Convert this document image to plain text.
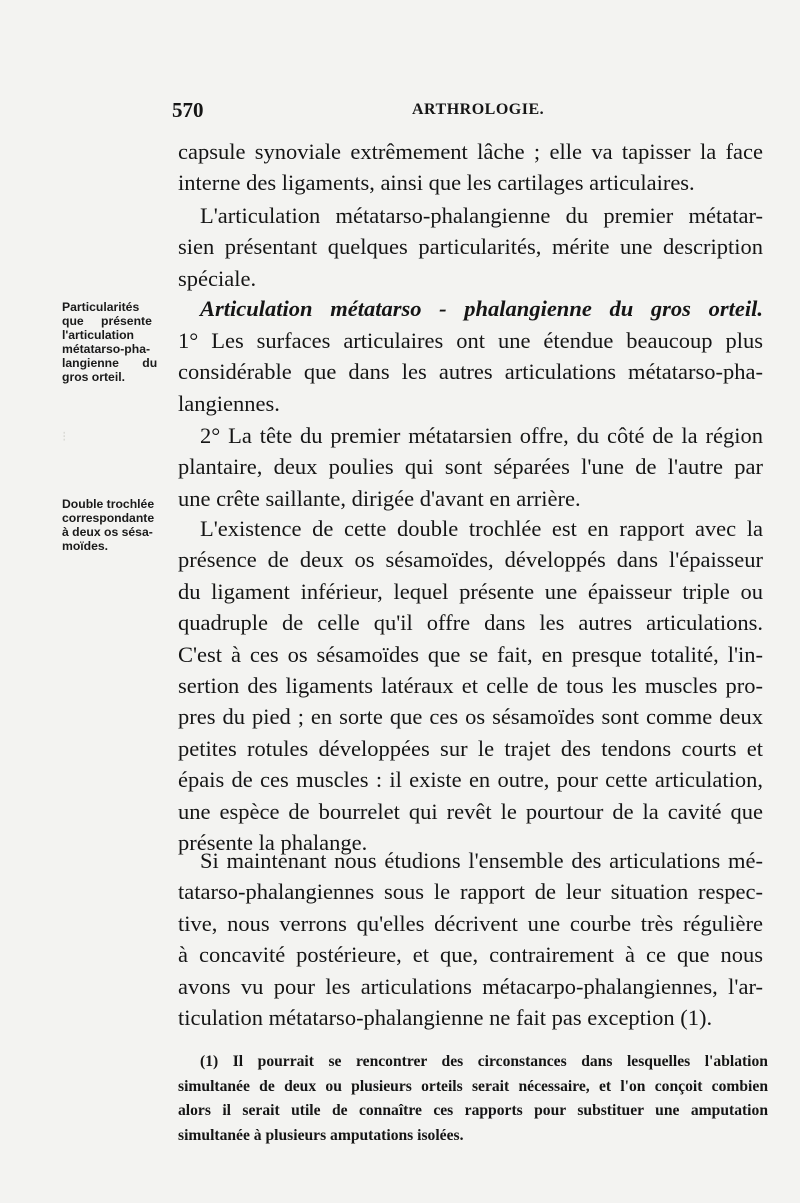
570	ARTHROLOGIE.
⁝
Particularités
que présente
l'articulation
métatarso-pha-
langienne du
gros orteil.
Double trochlée
correspondante
à deux os sésa-
moïdes.
capsule synoviale extrêmement lâche ; elle va tapisser la face
interne des ligaments, ainsi que les cartilages articulaires.
L'articulation métatarso-phalangienne du premier métatar-
sien présentant quelques particularités, mérite une description
spéciale.
Articulation métatarso - phalangienne du gros orteil.
1° Les surfaces articulaires ont une étendue beaucoup plus
considérable que dans les autres articulations métatarso-pha-
langiennes.
2° La tête du premier métatarsien offre, du côté de la région
plantaire, deux poulies qui sont séparées l'une de l'autre par
une crête saillante, dirigée d'avant en arrière.
L'existence de cette double trochlée est en rapport avec la
présence de deux os sésamoïdes, développés dans l'épaisseur
du ligament inférieur, lequel présente une épaisseur triple ou
quadruple de celle qu'il offre dans les autres articulations.
C'est à ces os sésamoïdes que se fait, en presque totalité, l'in-
sertion des ligaments latéraux et celle de tous les muscles pro-
pres du pied ; en sorte que ces os sésamoïdes sont comme deux
petites rotules développées sur le trajet des tendons courts et
épais de ces muscles : il existe en outre, pour cette articulation,
une espèce de bourrelet qui revêt le pourtour de la cavité que
présente la phalange.
Si maintenant nous étudions l'ensemble des articulations mé-
tatarso-phalangiennes sous le rapport de leur situation respec-
tive, nous verrons qu'elles décrivent une courbe très régulière
à concavité postérieure, et que, contrairement à ce que nous
avons vu pour les articulations métacarpo-phalangiennes, l'ar-
ticulation métatarso-phalangienne ne fait pas exception (1).
(1) Il pourrait se rencontrer des circonstances dans lesquelles l'ablation
simultanée de deux ou plusieurs orteils serait nécessaire, et l'on conçoit combien
alors il serait utile de connaître ces rapports pour substituer une amputation
simultanée à plusieurs amputations isolées.
